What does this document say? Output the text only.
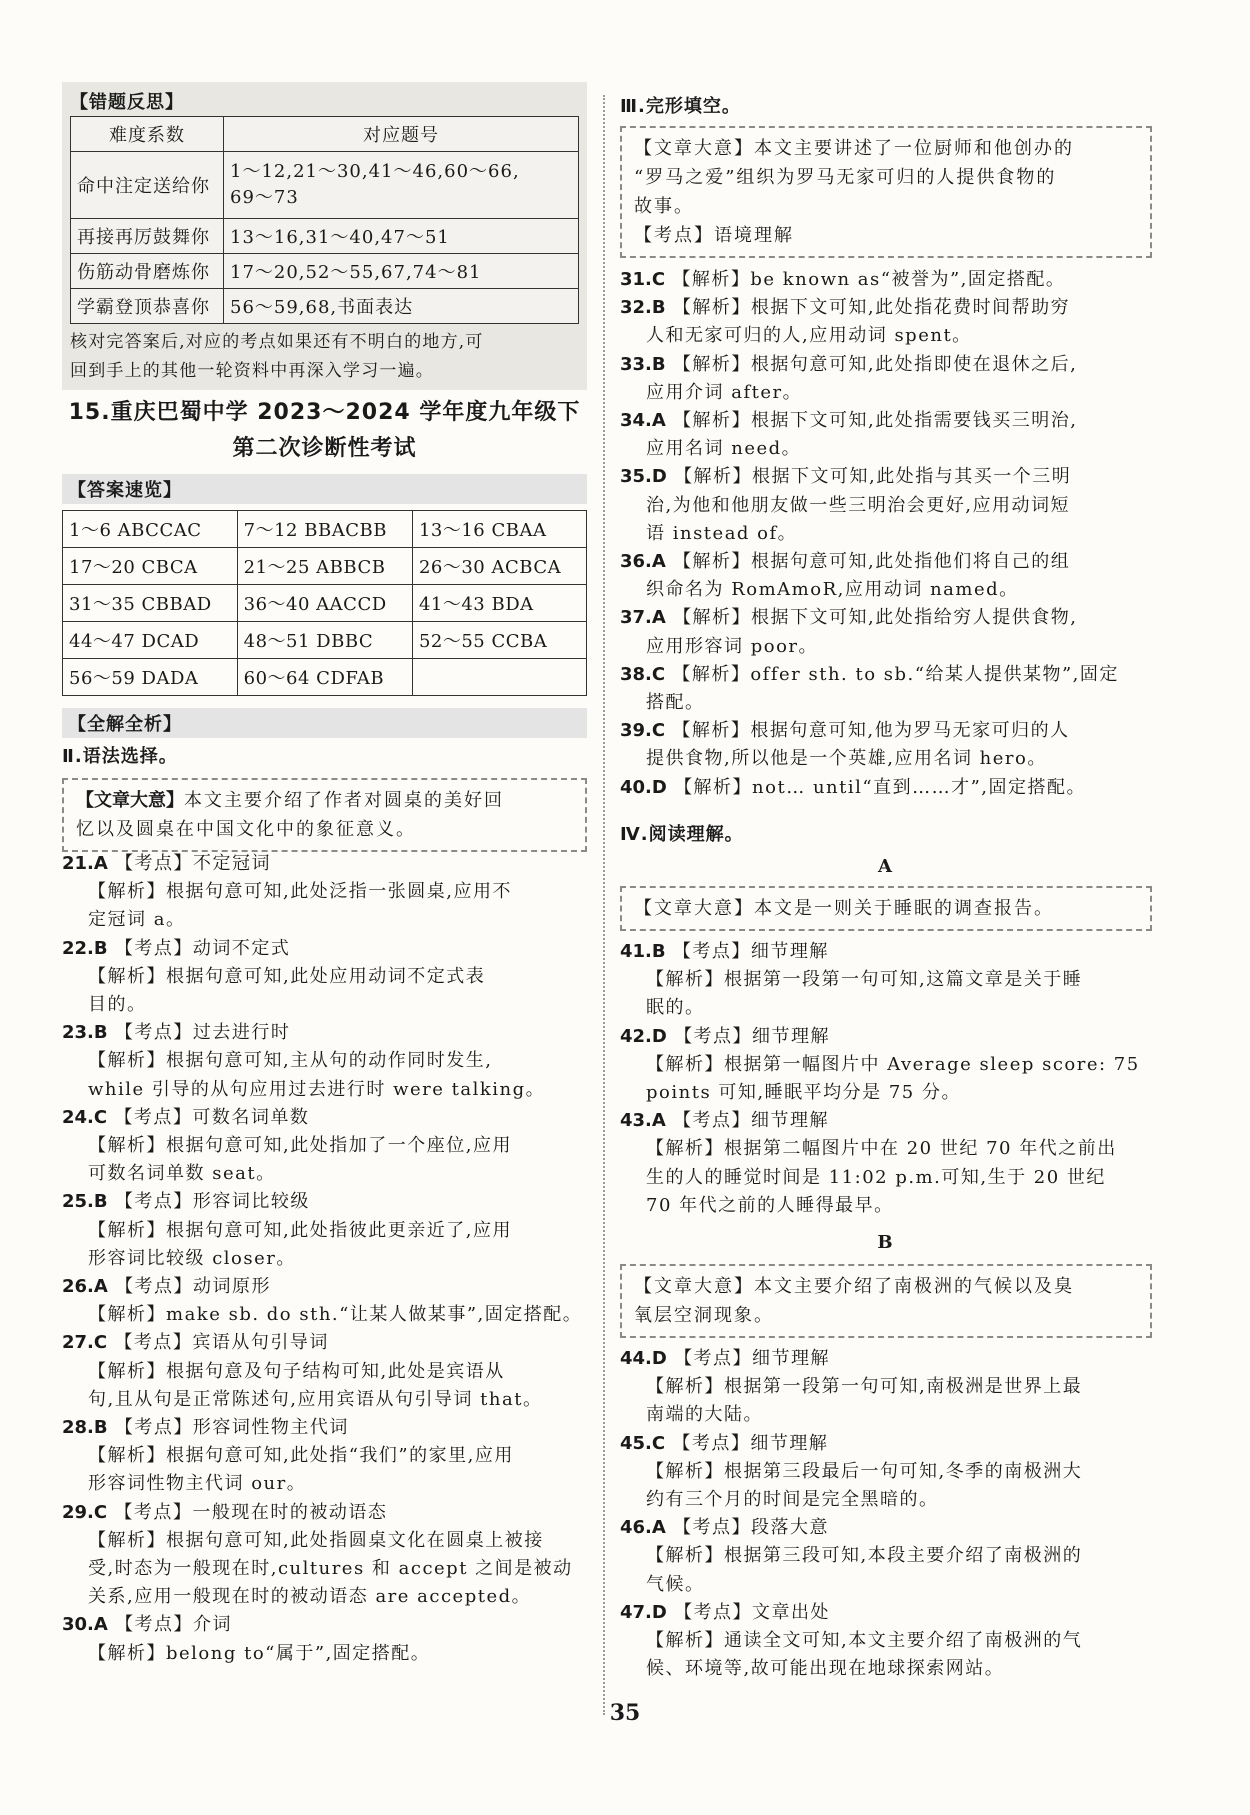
【错题反思】
难度系数	对应题号
命中注定送给你	1～12,21～30,41～46,60～66,
69～73

再接再厉鼓舞你	13～16,31～40,47～51
伤筋动骨磨炼你	17～20,52～55,67,74～81
学霸登顶恭喜你	56～59,68,书面表达
核对完答案后,对应的考点如果还有不明白的地方,可
回到手上的其他一轮资料中再深入学习一遍。
15.重庆巴蜀中学 2023～2024 学年度九年级下
第二次诊断性考试
【答案速览】
1～6 ABCCAC	7～12 BBACBB	13～16 CBAA
17～20 CBCA	21～25 ABBCB	26～30 ACBCA
31～35 CBBAD	36～40 AACCD	41～43 BDA
44～47 DCAD	48～51 DBBC	52～55 CCBA
56～59 DADA	60～64 CDFAB	
【全解全析】
Ⅱ.语法选择。
【文章大意】本文主要介绍了作者对圆桌的美好回
忆以及圆桌在中国文化中的象征意义。
21.A 【考点】不定冠词
【解析】根据句意可知,此处泛指一张圆桌,应用不
定冠词 a。
22.B 【考点】动词不定式
【解析】根据句意可知,此处应用动词不定式表
目的。
23.B 【考点】过去进行时
【解析】根据句意可知,主从句的动作同时发生,
while 引导的从句应用过去进行时 were talking。
24.C 【考点】可数名词单数
【解析】根据句意可知,此处指加了一个座位,应用
可数名词单数 seat。
25.B 【考点】形容词比较级
【解析】根据句意可知,此处指彼此更亲近了,应用
形容词比较级 closer。
26.A 【考点】动词原形
【解析】make sb. do sth.“让某人做某事”,固定搭配。
27.C 【考点】宾语从句引导词
【解析】根据句意及句子结构可知,此处是宾语从
句,且从句是正常陈述句,应用宾语从句引导词 that。
28.B 【考点】形容词性物主代词
【解析】根据句意可知,此处指“我们”的家里,应用
形容词性物主代词 our。
29.C 【考点】一般现在时的被动语态
【解析】根据句意可知,此处指圆桌文化在圆桌上被接
受,时态为一般现在时,cultures 和 accept 之间是被动
关系,应用一般现在时的被动语态 are accepted。
30.A 【考点】介词
【解析】belong to“属于”,固定搭配。
Ⅲ.完形填空。
【文章大意】本文主要讲述了一位厨师和他创办的
“罗马之爱”组织为罗马无家可归的人提供食物的
故事。
【考点】语境理解
31.C 【解析】be known as“被誉为”,固定搭配。
32.B 【解析】根据下文可知,此处指花费时间帮助穷
人和无家可归的人,应用动词 spent。
33.B 【解析】根据句意可知,此处指即使在退休之后,
应用介词 after。
34.A 【解析】根据下文可知,此处指需要钱买三明治,
应用名词 need。
35.D 【解析】根据下文可知,此处指与其买一个三明
治,为他和他朋友做一些三明治会更好,应用动词短
语 instead of。
36.A 【解析】根据句意可知,此处指他们将自己的组
织命名为 RomAmoR,应用动词 named。
37.A 【解析】根据下文可知,此处指给穷人提供食物,
应用形容词 poor。
38.C 【解析】offer sth. to sb.“给某人提供某物”,固定
搭配。
39.C 【解析】根据句意可知,他为罗马无家可归的人
提供食物,所以他是一个英雄,应用名词 hero。
40.D 【解析】not… until“直到……才”,固定搭配。
Ⅳ.阅读理解。
A
【文章大意】本文是一则关于睡眠的调查报告。
41.B 【考点】细节理解
【解析】根据第一段第一句可知,这篇文章是关于睡
眠的。
42.D 【考点】细节理解
【解析】根据第一幅图片中 Average sleep score: 75
points 可知,睡眠平均分是 75 分。
43.A 【考点】细节理解
【解析】根据第二幅图片中在 20 世纪 70 年代之前出
生的人的睡觉时间是 11:02 p.m.可知,生于 20 世纪
70 年代之前的人睡得最早。
B
【文章大意】本文主要介绍了南极洲的气候以及臭
氧层空洞现象。
44.D 【考点】细节理解
【解析】根据第一段第一句可知,南极洲是世界上最
南端的大陆。
45.C 【考点】细节理解
【解析】根据第三段最后一句可知,冬季的南极洲大
约有三个月的时间是完全黑暗的。
46.A 【考点】段落大意
【解析】根据第三段可知,本段主要介绍了南极洲的
气候。
47.D 【考点】文章出处
【解析】通读全文可知,本文主要介绍了南极洲的气
候、环境等,故可能出现在地球探索网站。
35
